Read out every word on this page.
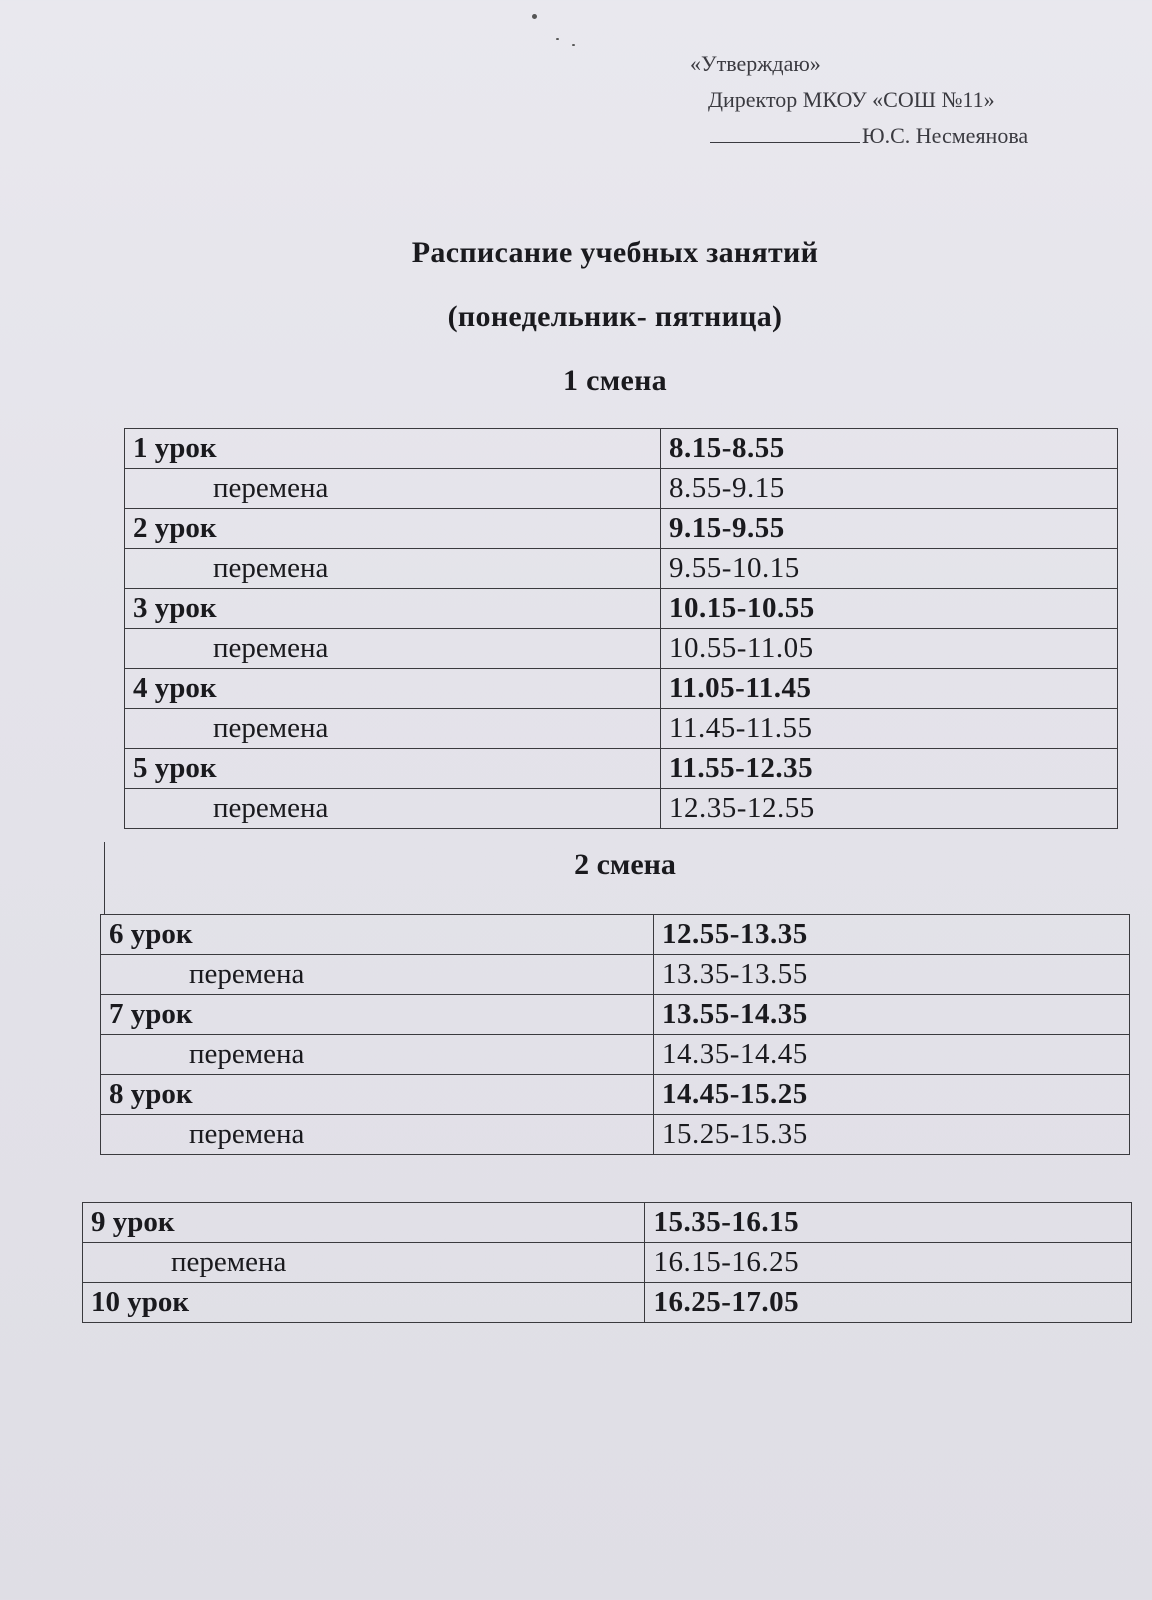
«Утверждаю»
Директор МКОУ «СОШ №11»
Ю.С. Несмеянова
Расписание учебных занятий
(понедельник- пятница)
1 смена
1 урок	8.15-8.55
перемена	8.55-9.15
2 урок	9.15-9.55
перемена	9.55-10.15
3 урок	10.15-10.55
перемена	10.55-11.05
4 урок	11.05-11.45
перемена	11.45-11.55
5 урок	11.55-12.35
перемена	12.35-12.55
2 смена
6 урок	12.55-13.35
перемена	13.35-13.55
7 урок	13.55-14.35
перемена	14.35-14.45
8 урок	14.45-15.25
перемена	15.25-15.35
9 урок	15.35-16.15
перемена	16.15-16.25
10 урок	16.25-17.05
